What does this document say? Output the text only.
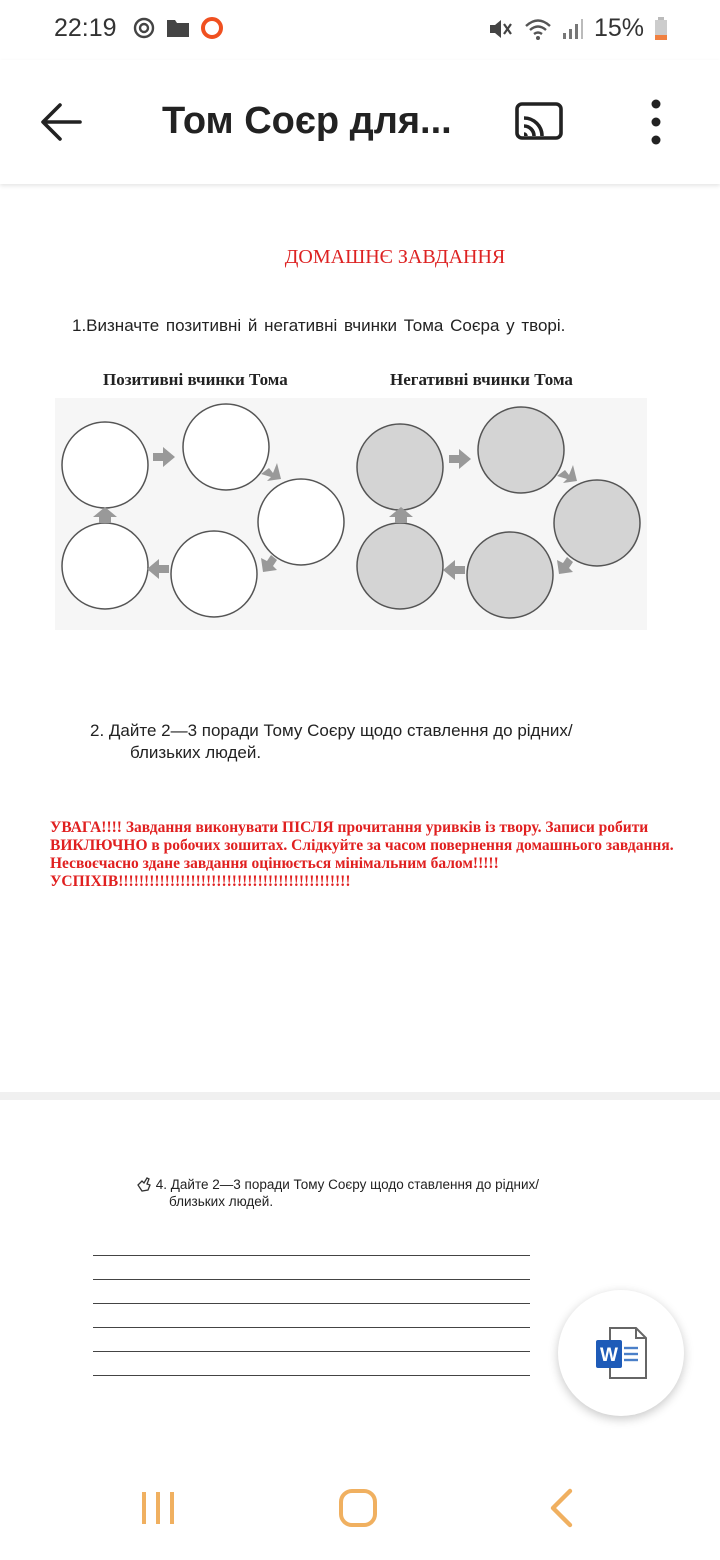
22:19	15%
Том Соєр для...
ДОМАШНЄ ЗАВДАННЯ
1.Визначте позитивні й негативні вчинки Тома Соєра у творі.
Позитивні вчинки Тома	Негативні вчинки Тома
2. Дайте 2—3 поради Тому Соєру щодо ставлення до рідних/
близьких людей.
УВАГА!!!! Завдання виконувати ПІСЛЯ прочитання уривків із твору. Записи робити
ВИКЛЮЧНО в робочих зошитах. Слідкуйте за часом повернення домашнього завдання.
Несвоєчасно здане завдання оцінюється мінімальним балом!!!!!
УСПІХІВ!!!!!!!!!!!!!!!!!!!!!!!!!!!!!!!!!!!!!!!!!!!!!
4. Дайте 2—3 поради Тому Соєру щодо ставлення до рідних/
близьких людей.
W
